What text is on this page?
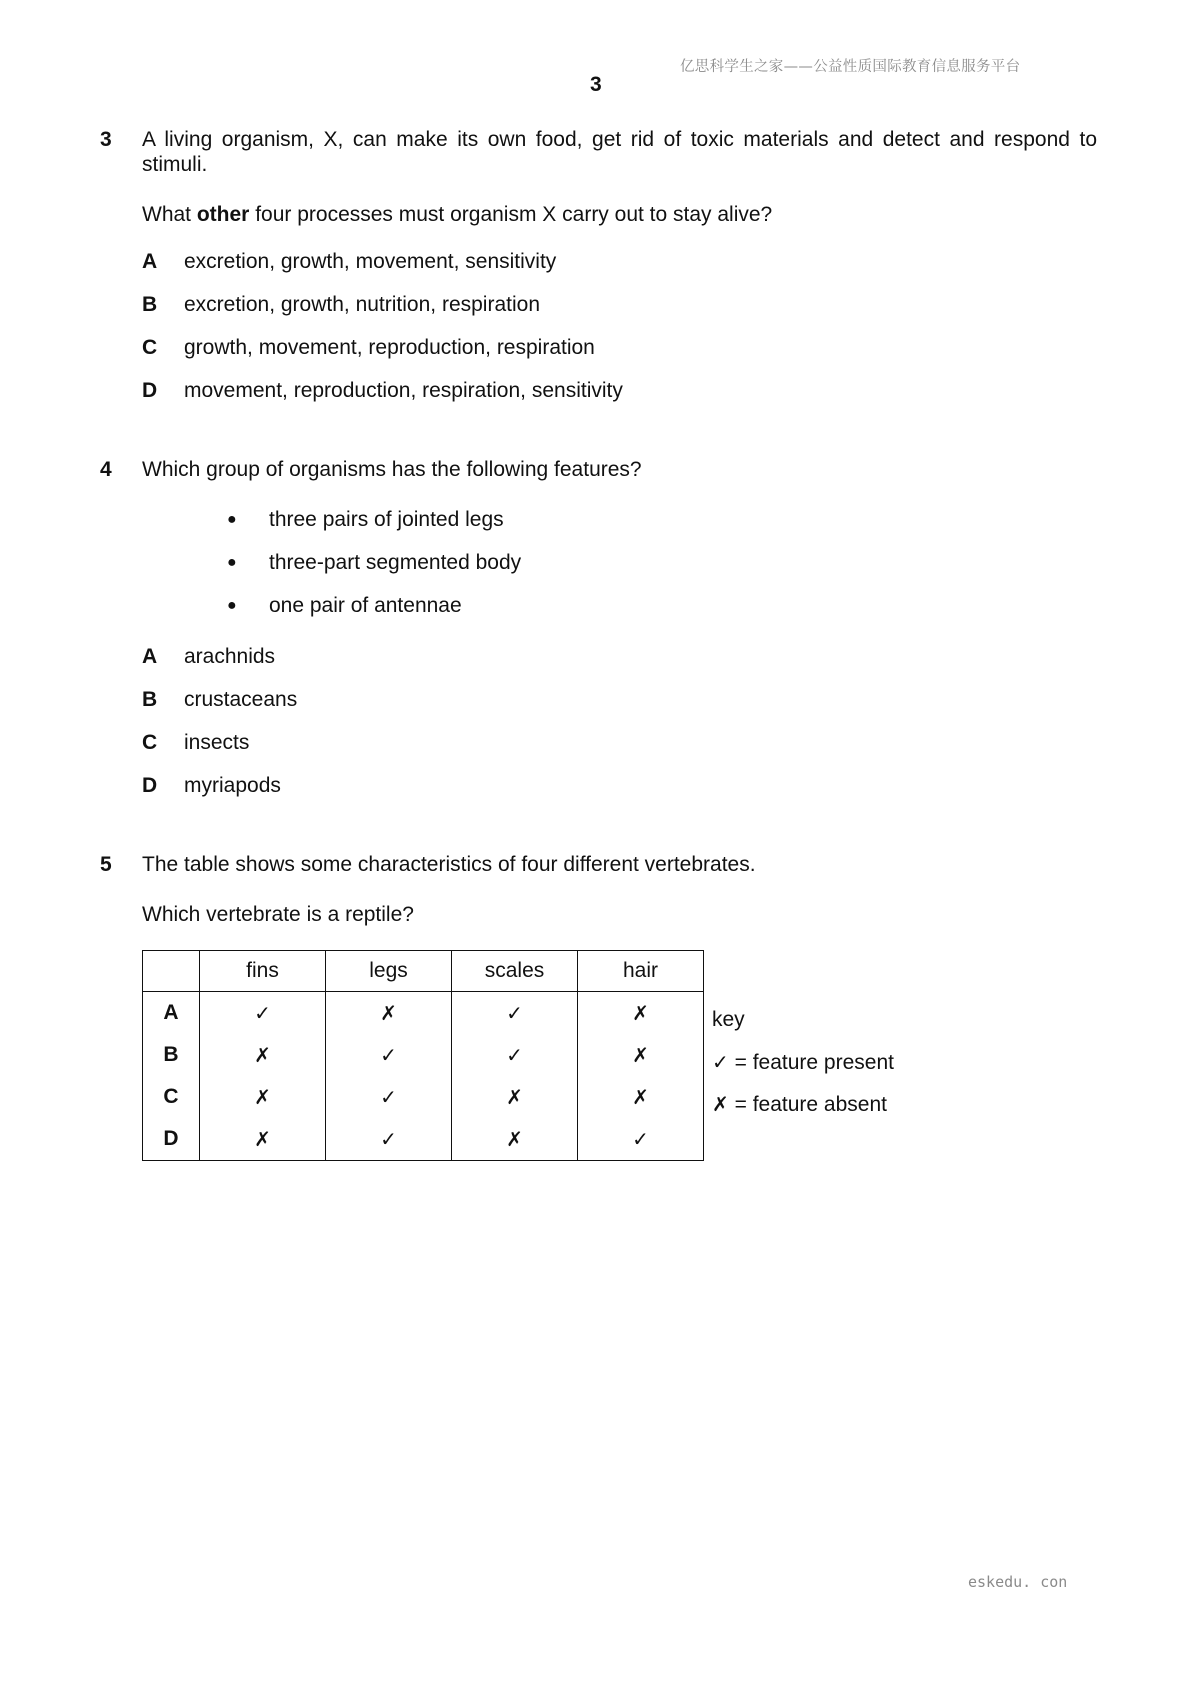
亿思科学生之家——公益性质国际教育信息服务平台
3
3 A living organism, X, can make its own food, get rid of toxic materials and detect and respond to
stimuli.
What other four processes must organism X carry out to stay alive?
A excretion, growth, movement, sensitivity
B excretion, growth, nutrition, respiration
C growth, movement, reproduction, respiration
D movement, reproduction, respiration, sensitivity
4 Which group of organisms has the following features?
● three pairs of jointed legs
● three-part segmented body
● one pair of antennae
A arachnids
B crustaceans
C insects
D myriapods
5 The table shows some characteristics of four different vertebrates.
Which vertebrate is a reptile?
	fins	legs	scales	hair
A	✓	✗	✓	✗
B	✗	✓	✓	✗
C	✗	✓	✗	✗
D	✗	✓	✗	✓
key
✓ = feature present
✗ = feature absent
eskedu. con
